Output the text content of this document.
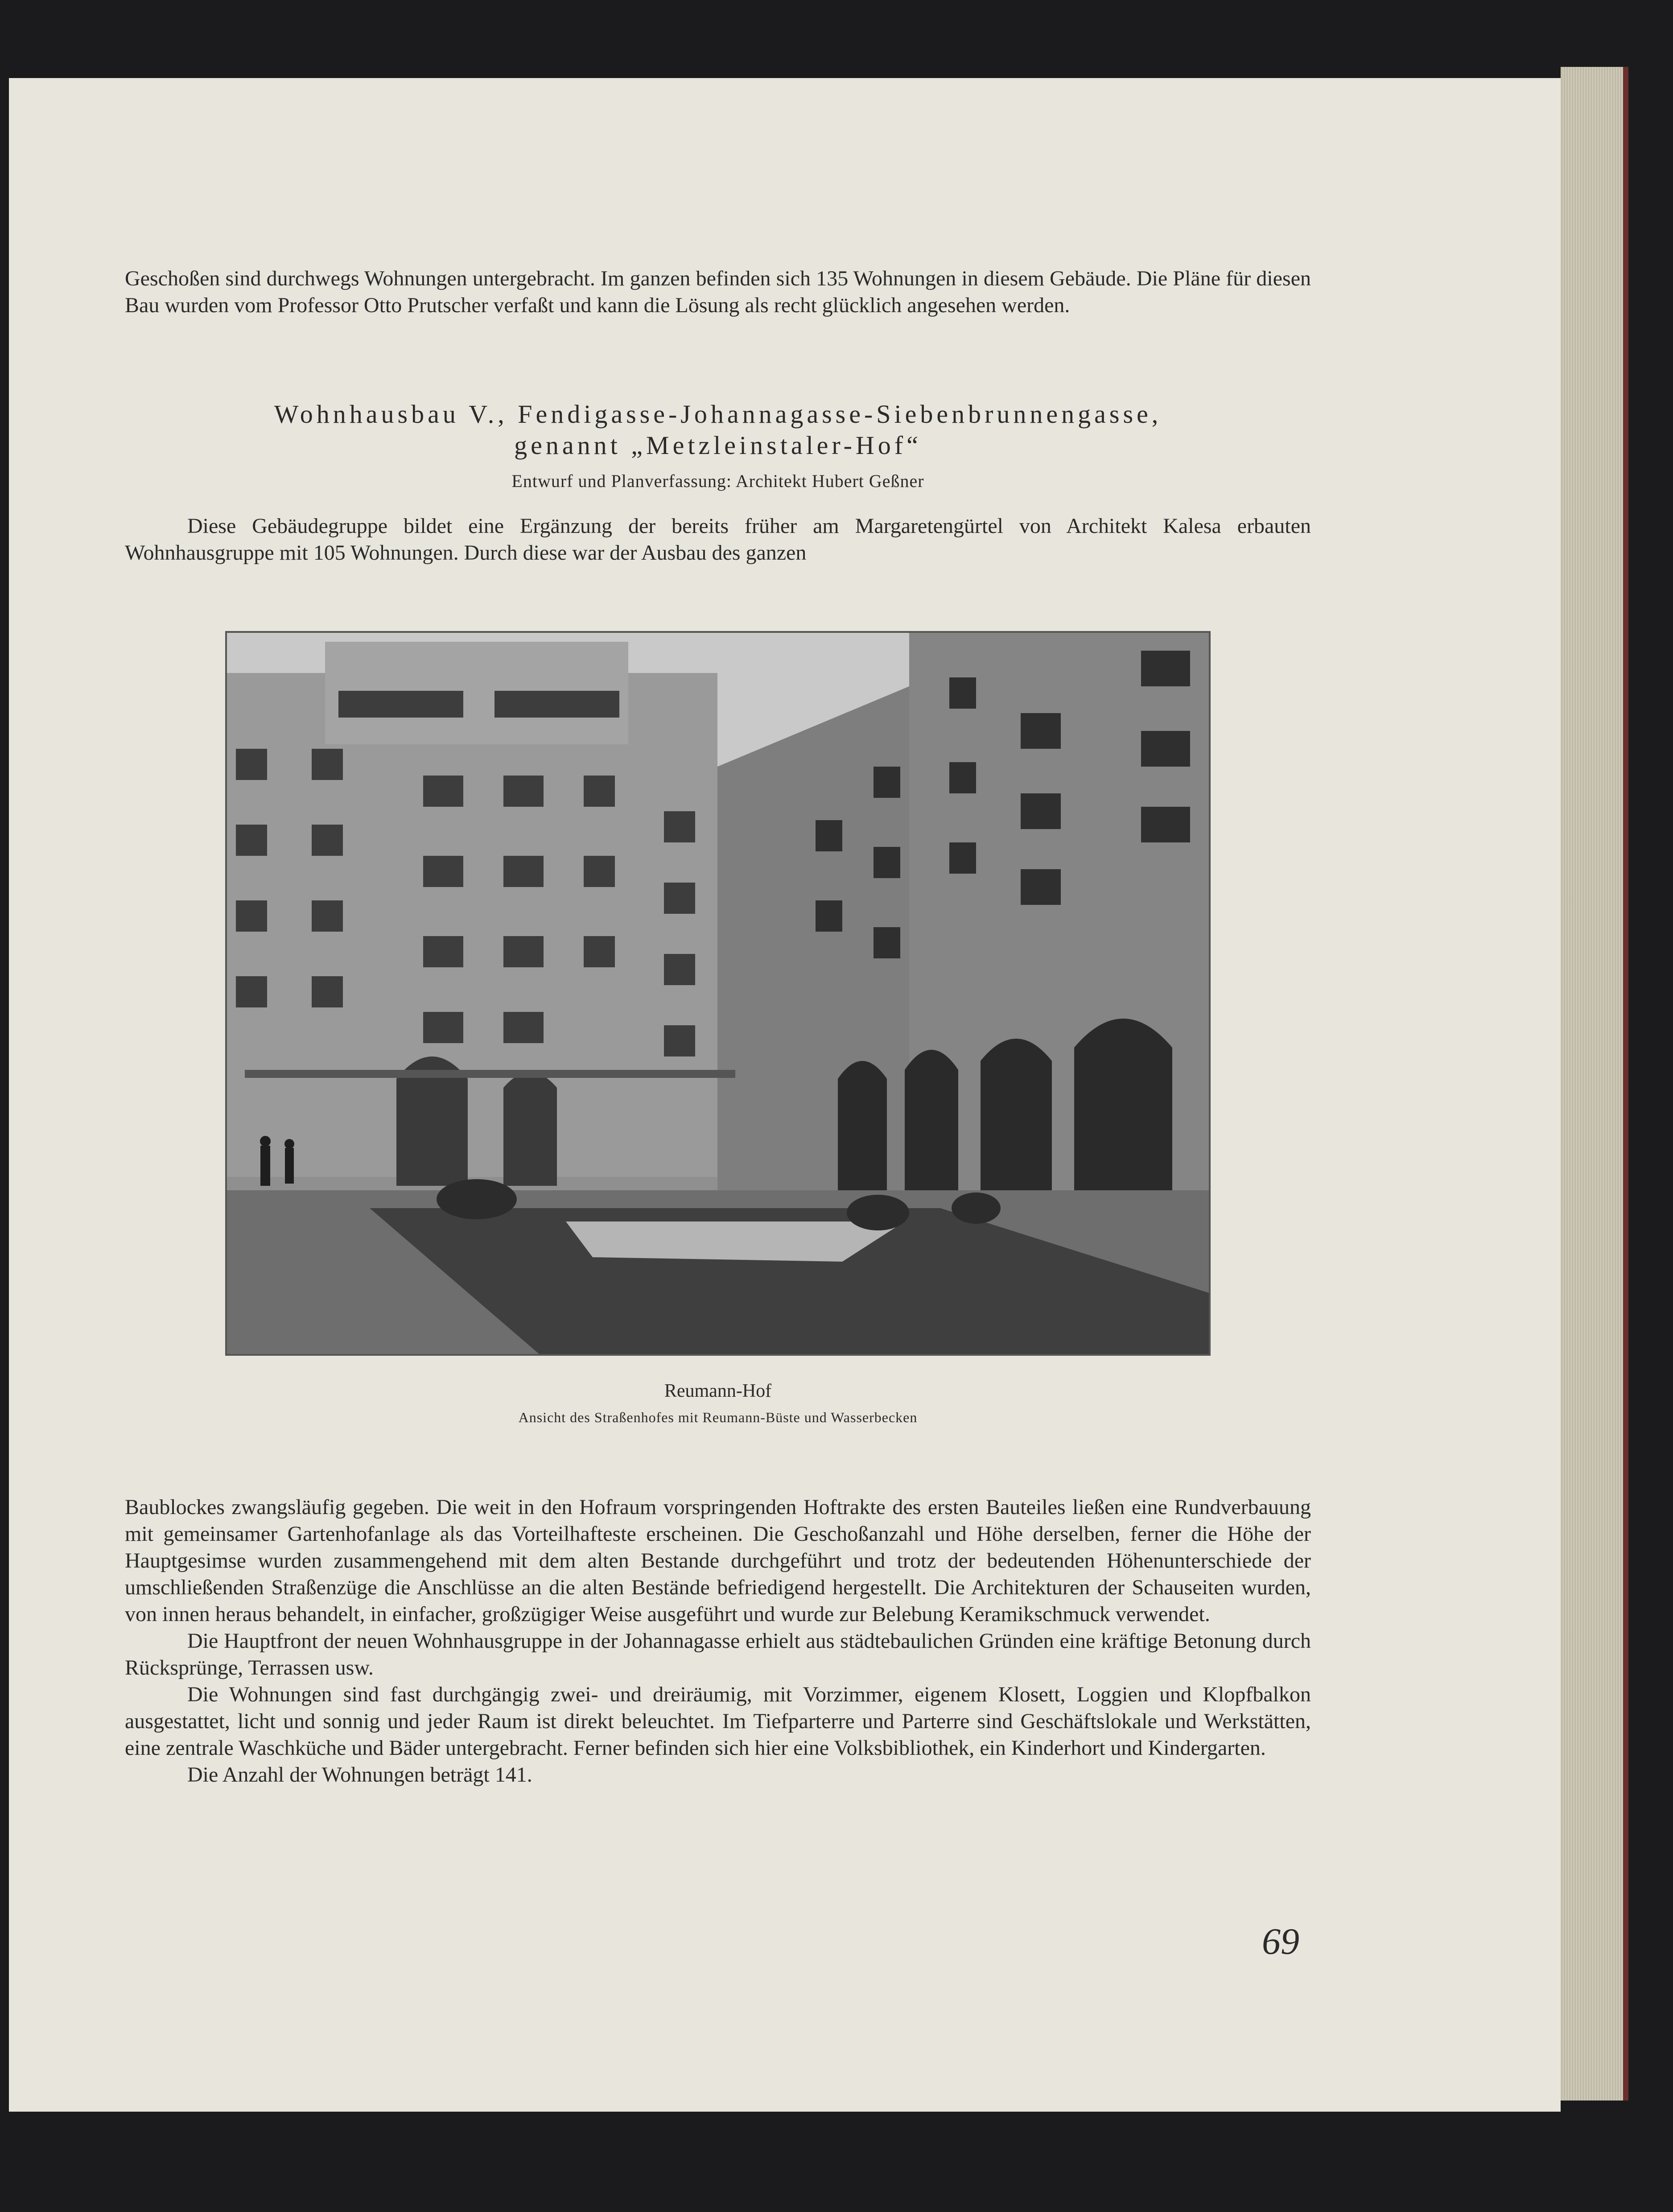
Geschoßen sind durchwegs Wohnungen untergebracht. Im ganzen befinden sich 135 Wohnungen in diesem Gebäude. Die Pläne für diesen Bau wurden vom Professor Otto Prutscher verfaßt und kann die Lösung als recht glücklich angesehen werden.
Wohnhausbau V., Fendigasse-Johannagasse-Siebenbrunnengasse,
genannt „Metzleinstaler-Hof“
Entwurf und Planverfassung: Architekt Hubert Geßner
Diese Gebäudegruppe bildet eine Ergänzung der bereits früher am Margaretengürtel von Architekt Kalesa erbauten Wohnhausgruppe mit 105 Wohnungen. Durch diese war der Ausbau des ganzen
Reumann-Hof
Ansicht des Straßenhofes mit Reumann-Büste und Wasserbecken
Baublockes zwangsläufig gegeben. Die weit in den Hofraum vorspringenden Hoftrakte des ersten Bauteiles ließen eine Rundverbauung mit gemeinsamer Gartenhofanlage als das Vorteilhafteste erscheinen. Die Geschoßanzahl und Höhe derselben, ferner die Höhe der Hauptgesimse wurden zusammengehend mit dem alten Bestande durchgeführt und trotz der bedeutenden Höhenunterschiede der umschließenden Straßenzüge die Anschlüsse an die alten Bestände befriedigend hergestellt. Die Architekturen der Schauseiten wurden, von innen heraus behandelt, in einfacher, großzügiger Weise ausgeführt und wurde zur Belebung Keramikschmuck verwendet.
Die Hauptfront der neuen Wohnhausgruppe in der Johannagasse erhielt aus städtebaulichen Gründen eine kräftige Betonung durch Rücksprünge, Terrassen usw.
Die Wohnungen sind fast durchgängig zwei- und dreiräumig, mit Vorzimmer, eigenem Klosett, Loggien und Klopfbalkon ausgestattet, licht und sonnig und jeder Raum ist direkt beleuchtet. Im Tiefparterre und Parterre sind Geschäftslokale und Werkstätten, eine zentrale Waschküche und Bäder untergebracht. Ferner befinden sich hier eine Volksbibliothek, ein Kinderhort und Kindergarten.
Die Anzahl der Wohnungen beträgt 141.
69
